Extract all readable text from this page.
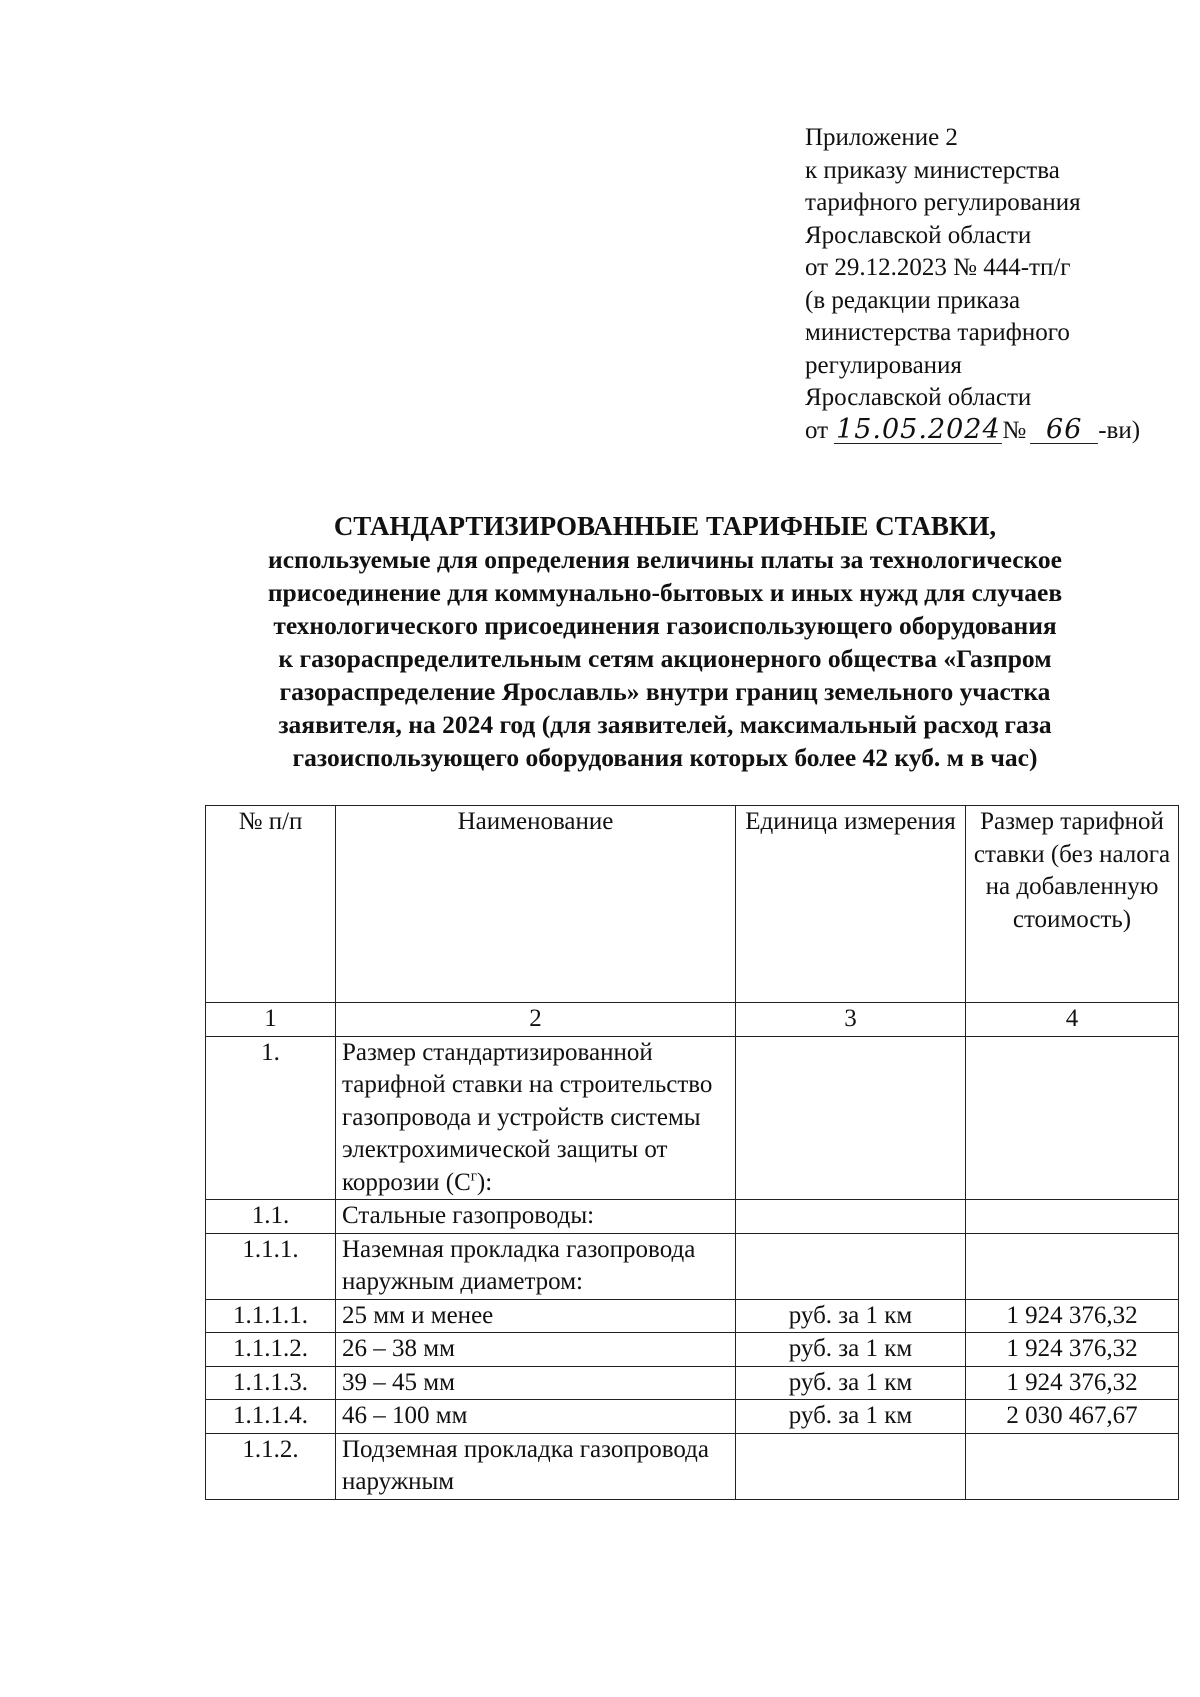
Приложение 2
к приказу министерства
тарифного регулирования
Ярославской области
от 29.12.2023 № 444-тп/г
(в редакции приказа
министерства тарифного
регулирования
Ярославской области
от 15.05.2024№ 66 -ви)
СТАНДАРТИЗИРОВАННЫЕ ТАРИФНЫЕ СТАВКИ,
используемые для определения величины платы за технологическое
присоединение для коммунально-бытовых и иных нужд для случаев
технологического присоединения газоиспользующего оборудования
к газораспределительным сетям акционерного общества «Газпром
газораспределение Ярославль» внутри границ земельного участка
заявителя, на 2024 год (для заявителей, максимальный расход газа
газоиспользующего оборудования которых более 42 куб. м в час)
№ п/п	Наименование	Единица измерения	Размер тарифной ставки (без налога на добавленную стоимость)
1	2	3	4
1.	Размер стандартизированной тарифной ставки на строительство газопровода и устройств системы электрохимической защиты от коррозии $(С^г)$:		
1.1.	Стальные газопроводы:		
1.1.1.	Наземная прокладка газопровода наружным диаметром:		
1.1.1.1.	25 мм и менее	руб. за 1 км	1 924 376,32
1.1.1.2.	26 – 38 мм	руб. за 1 км	1 924 376,32
1.1.1.3.	39 – 45 мм	руб. за 1 км	1 924 376,32
1.1.1.4.	46 – 100 мм	руб. за 1 км	2 030 467,67
1.1.2.	Подземная прокладка газопровода наружным		
